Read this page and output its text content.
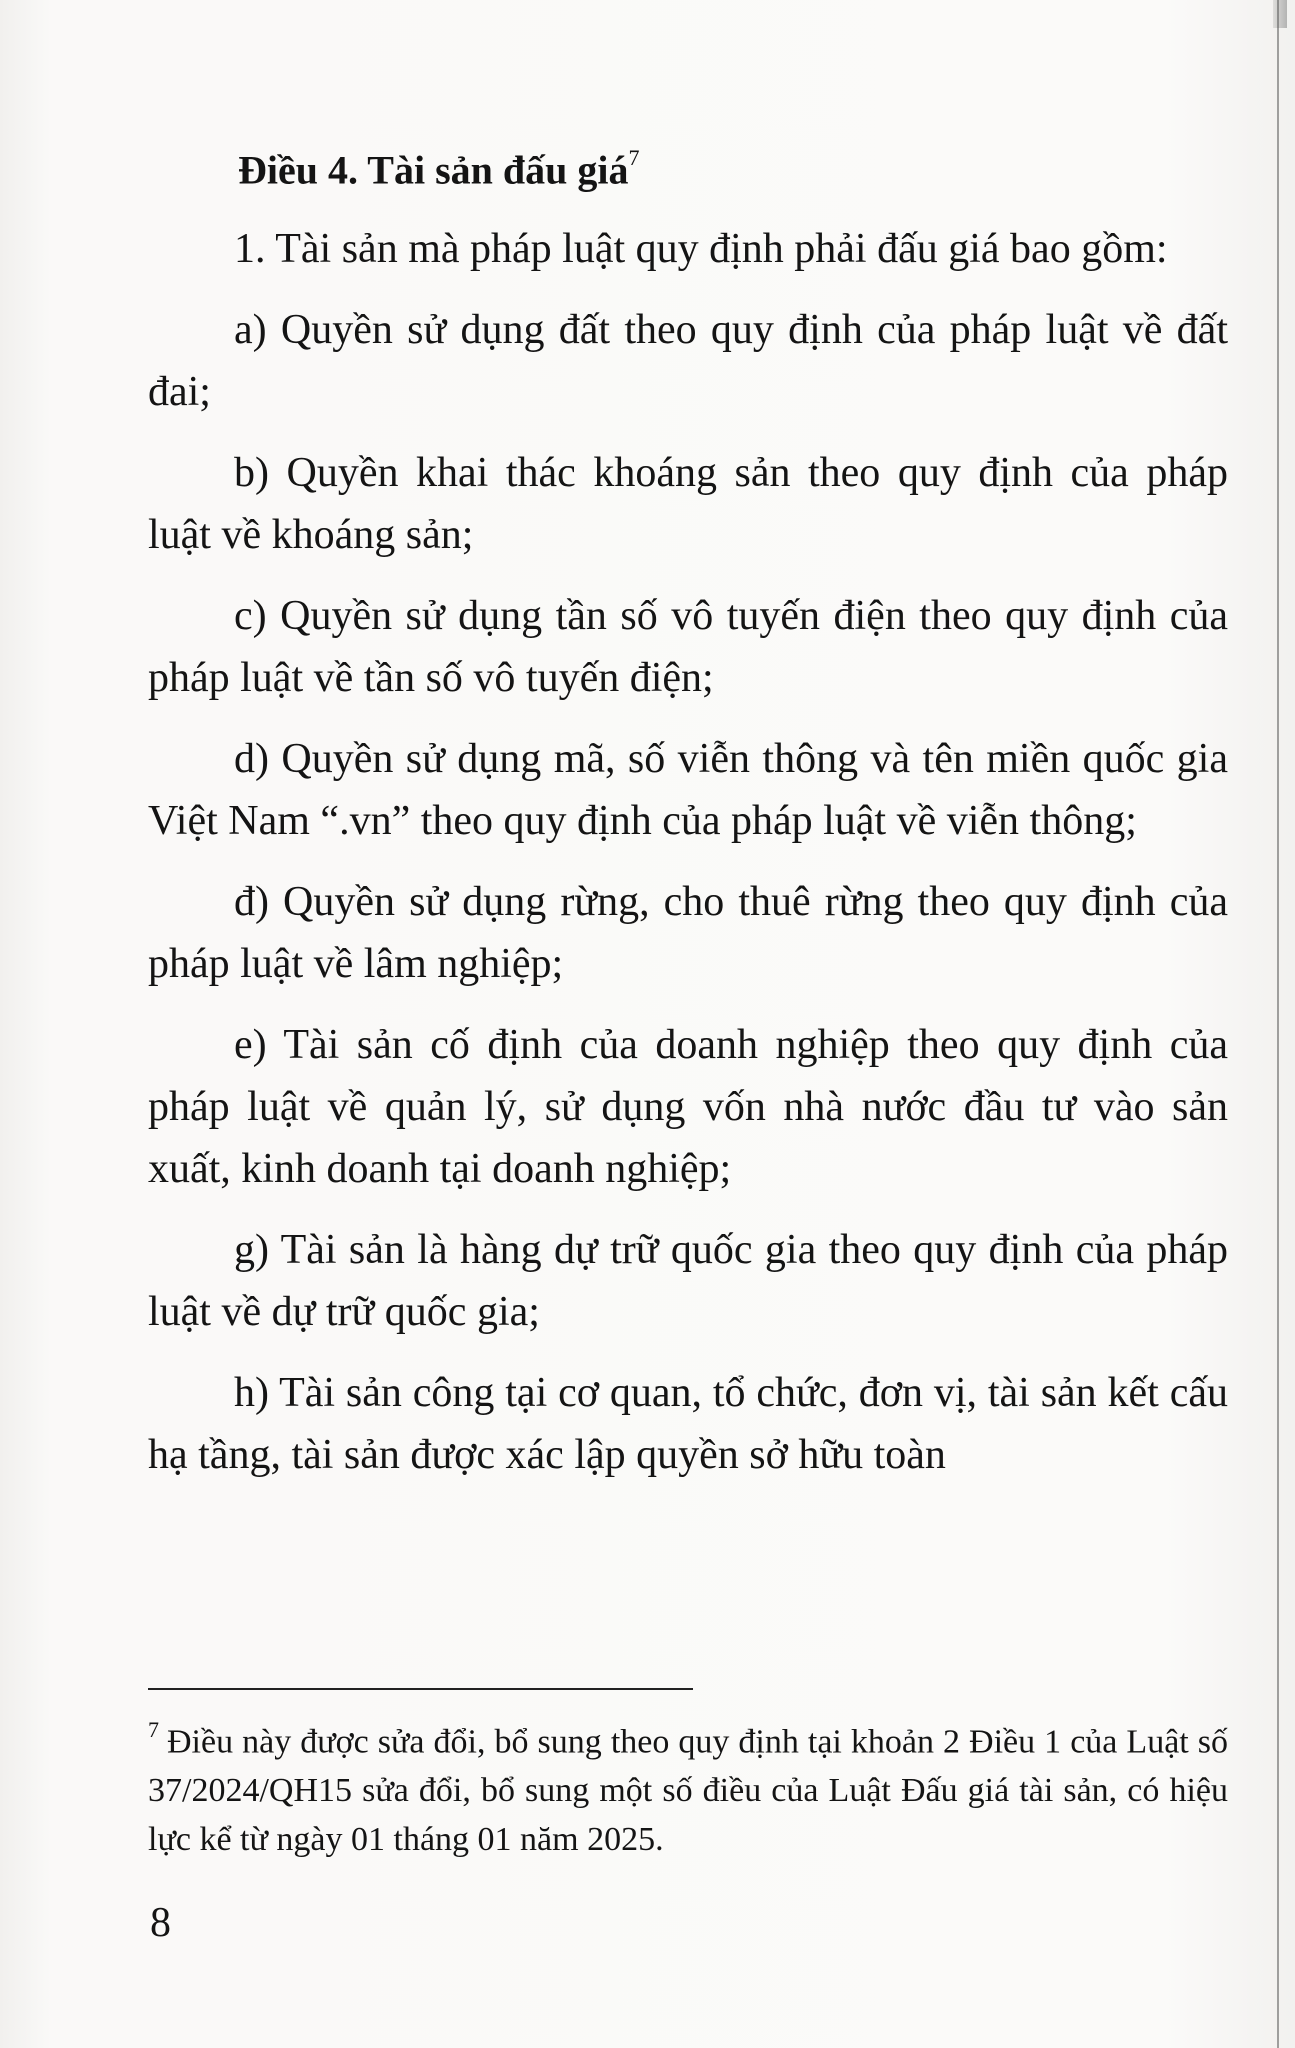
Điều 4. Tài sản đấu giá$^7$

1. Tài sản mà pháp luật quy định phải đấu giá bao gồm:

a) Quyền sử dụng đất theo quy định của pháp luật về đất đai;

b) Quyền khai thác khoáng sản theo quy định của pháp luật về khoáng sản;

c) Quyền sử dụng tần số vô tuyến điện theo quy định của pháp luật về tần số vô tuyến điện;

d) Quyền sử dụng mã, số viễn thông và tên miền quốc gia Việt Nam “.vn” theo quy định của pháp luật về viễn thông;

đ) Quyền sử dụng rừng, cho thuê rừng theo quy định của pháp luật về lâm nghiệp;

e) Tài sản cố định của doanh nghiệp theo quy định của pháp luật về quản lý, sử dụng vốn nhà nước đầu tư vào sản xuất, kinh doanh tại doanh nghiệp;

g) Tài sản là hàng dự trữ quốc gia theo quy định của pháp luật về dự trữ quốc gia;

h) Tài sản công tại cơ quan, tổ chức, đơn vị, tài sản kết cấu hạ tầng, tài sản được xác lập quyền sở hữu toàn

$^7$ Điều này được sửa đổi, bổ sung theo quy định tại khoản 2 Điều 1 của Luật số 37/2024/QH15 sửa đổi, bổ sung một số điều của Luật Đấu giá tài sản, có hiệu lực kể từ ngày 01 tháng 01 năm 2025.
8
